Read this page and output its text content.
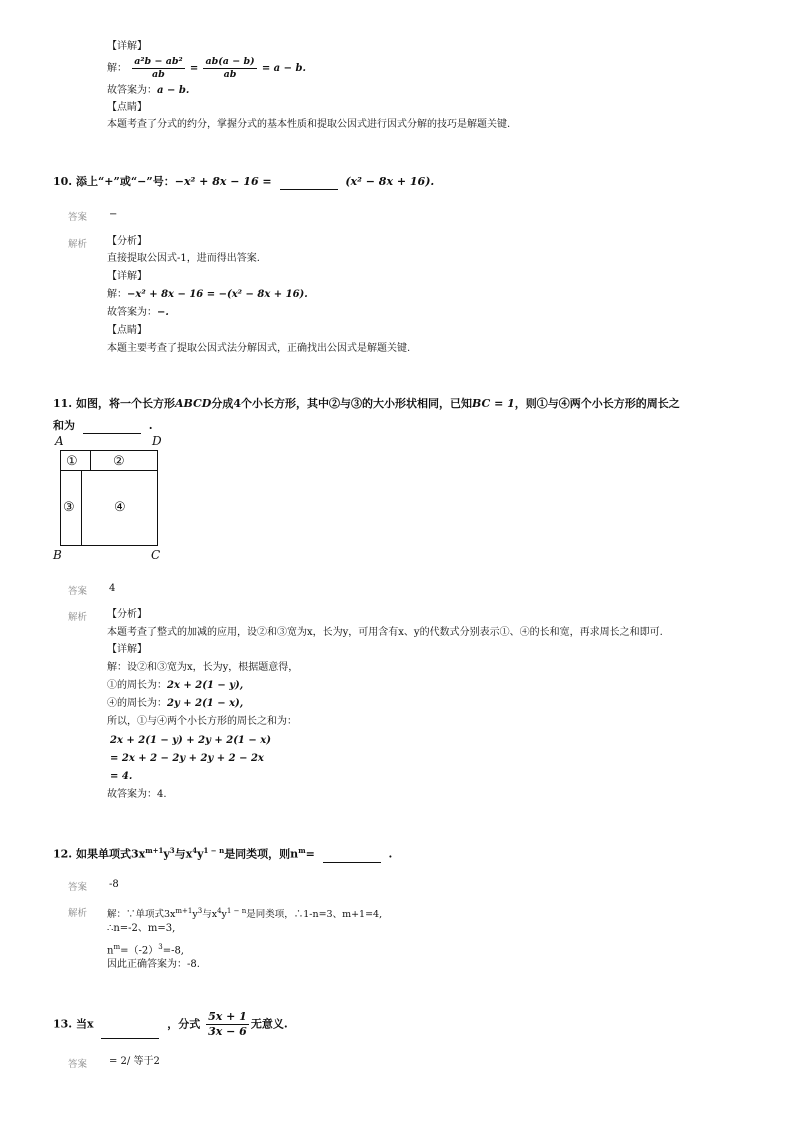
【详解】
解： $\frac{\text{a²b − ab²}}{ab} = \frac{ab(a - b)}{ab} = a - b$.
故答案为：a − b.
【点睛】
本题考查了分式的约分，掌握分式的基本性质和提取公因式进行因式分解的技巧是解题关键.
10. 添上“+”或“−”号：−x² + 8x − 16 =	(x² − 8x + 16).
答案 −
解析 【分析】
直接提取公因式-1，进而得出答案.
【详解】
解：−x² + 8x − 16 = −(x² − 8x + 16).
故答案为：−.
【点睛】
本题主要考查了提取公因式法分解因式，正确找出公因式是解题关键.
11. 如图，将一个长方形ABCD分成4个小长方形，其中②与③的大小形状相同，已知BC = 1，则①与④两个小长方形的周长之
和为	.
A	D
B	C
①	②
③	④
答案 4
解析 【分析】
本题考查了整式的加减的应用，设②和③宽为x，长为y，可用含有x、y的代数式分别表示①、④的长和宽，再求周长之和即可.
【详解】
解：设②和③宽为x，长为y，根据题意得，
①的周长为：2x + 2(1 − y),
④的周长为：2y + 2(1 − x),
所以，①与④两个小长方形的周长之和为：
2x + 2(1 − y) + 2y + 2(1 − x)
= 2x + 2 − 2y + 2y + 2 − 2x
= 4.
故答案为：4.
12. 如果单项式$3x^{m+1}y^3$与$x^4y^{1 - n}$是同类项，则$n^m=$	.
答案 -8
解析 解：∵单项式$3x^{m+1}y^3$与$x^4y^{1 - n}$是同类项，∴1-n=3、m+1=4,
∴n=-2、m=3,
$n^m=(-2)^3=-8$,
因此正确答案为：-8.
13. 当x	，分式 $\frac{5x + 1}{3x - 6}$ 无意义.
答案 = 2/ 等于2
